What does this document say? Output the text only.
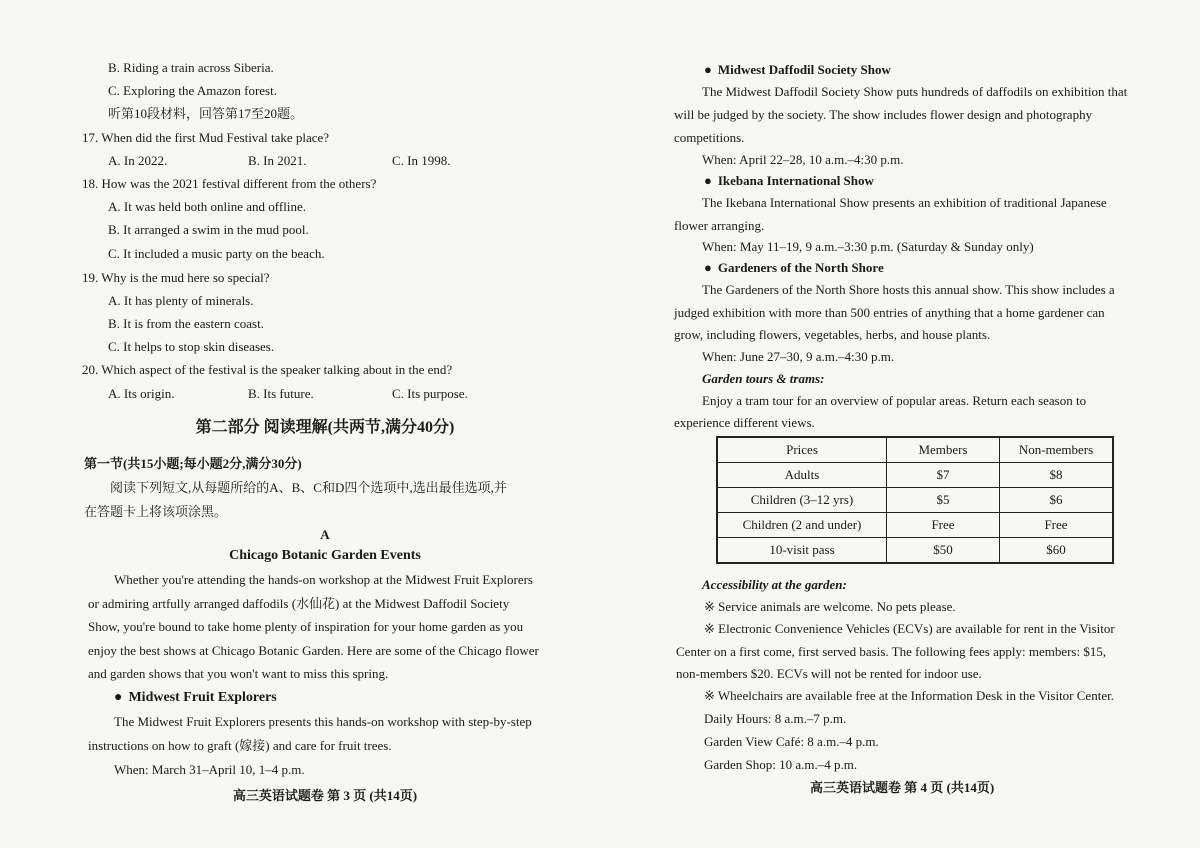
B. Riding a train across Siberia.
C. Exploring the Amazon forest.
听第10段材料，回答第17至20题。
17. When did the first Mud Festival take place?
A. In 2022.	B. In 2021.	C. In 1998.
18. How was the 2021 festival different from the others?
A. It was held both online and offline.
B. It arranged a swim in the mud pool.
C. It included a music party on the beach.
19. Why is the mud here so special?
A. It has plenty of minerals.
B. It is from the eastern coast.
C. It helps to stop skin diseases.
20. Which aspect of the festival is the speaker talking about in the end?
A. Its origin.	B. Its future.	C. Its purpose.
第二部分 阅读理解(共两节,满分40分)
第一节(共15小题;每小题2分,满分30分)
阅读下列短文,从每题所给的A、B、C和D四个选项中,选出最佳选项,并
在答题卡上将该项涂黑。
A
Chicago Botanic Garden Events
Whether you're attending the hands-on workshop at the Midwest Fruit Explorers
or admiring artfully arranged daffodils (水仙花) at the Midwest Daffodil Society
Show, you're bound to take home plenty of inspiration for your home garden as you
enjoy the best shows at Chicago Botanic Garden. Here are some of the Chicago flower
and garden shows that you won't want to miss this spring.
● Midwest Fruit Explorers
The Midwest Fruit Explorers presents this hands-on workshop with step-by-step
instructions on how to graft (嫁接) and care for fruit trees.
When: March 31–April 10, 1–4 p.m.
高三英语试题卷 第 3 页 (共14页)
● Midwest Daffodil Society Show
The Midwest Daffodil Society Show puts hundreds of daffodils on exhibition that
will be judged by the society. The show includes flower design and photography
competitions.
When: April 22–28, 10 a.m.–4:30 p.m.
● Ikebana International Show
The Ikebana International Show presents an exhibition of traditional Japanese
flower arranging.
When: May 11–19, 9 a.m.–3:30 p.m. (Saturday & Sunday only)
● Gardeners of the North Shore
The Gardeners of the North Shore hosts this annual show. This show includes a
judged exhibition with more than 500 entries of anything that a home gardener can
grow, including flowers, vegetables, herbs, and house plants.
When: June 27–30, 9 a.m.–4:30 p.m.
Garden tours & trams:
Enjoy a tram tour for an overview of popular areas. Return each season to
experience different views.
Prices	Members	Non-members
Adults	$7	$8
Children (3–12 yrs)	$5	$6
Children (2 and under)	Free	Free
10-visit pass	$50	$60
Accessibility at the garden:
※ Service animals are welcome. No pets please.
※ Electronic Convenience Vehicles (ECVs) are available for rent in the Visitor
Center on a first come, first served basis. The following fees apply: members: $15,
non-members $20. ECVs will not be rented for indoor use.
※ Wheelchairs are available free at the Information Desk in the Visitor Center.
Daily Hours: 8 a.m.–7 p.m.
Garden View Café: 8 a.m.–4 p.m.
Garden Shop: 10 a.m.–4 p.m.
高三英语试题卷 第 4 页 (共14页)
